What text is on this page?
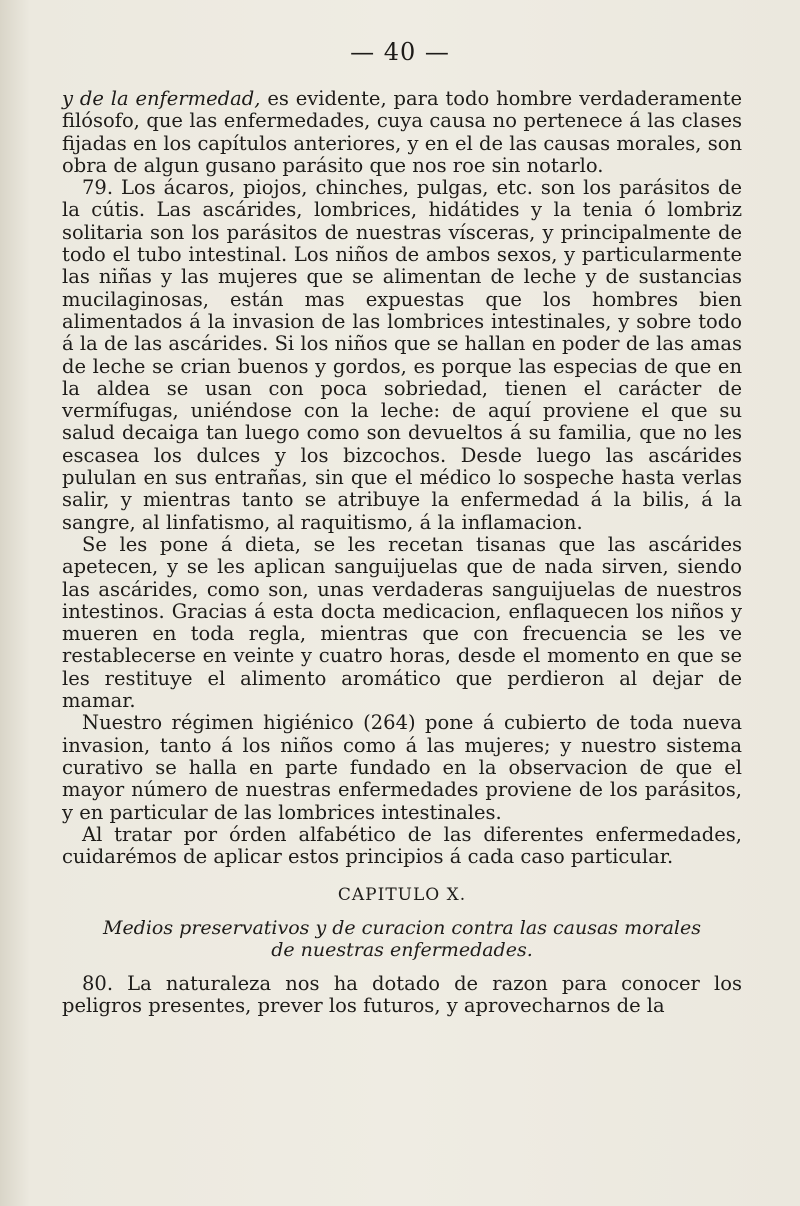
— 40 —

y de la enfermedad, es evidente, para todo hombre verdaderamente filósofo, que las enfermedades, cuya causa no pertenece á las clases fijadas en los capítulos anteriores, y en el de las causas morales, son obra de algun gusano parásito que nos roe sin notarlo.

79. Los ácaros, piojos, chinches, pulgas, etc. son los parásitos de la cútis. Las ascárides, lombrices, hidátides y la tenia ó lombriz solitaria son los parásitos de nuestras vísceras, y principalmente de todo el tubo intestinal. Los niños de ambos sexos, y particularmente las niñas y las mujeres que se alimentan de leche y de sustancias mucilaginosas, están mas expuestas que los hombres bien alimentados á la invasion de las lombrices intestinales, y sobre todo á la de las ascárides. Si los niños que se hallan en poder de las amas de leche se crian buenos y gordos, es porque las especias de que en la aldea se usan con poca sobriedad, tienen el carácter de vermífugas, uniéndose con la leche: de aquí proviene el que su salud decaiga tan luego como son devueltos á su familia, que no les escasea los dulces y los bizcochos. Desde luego las ascárides pululan en sus entrañas, sin que el médico lo sospeche hasta verlas salir, y mientras tanto se atribuye la enfermedad á la bilis, á la sangre, al linfatismo, al raquitismo, á la inflamacion.

Se les pone á dieta, se les recetan tisanas que las ascárides apetecen, y se les aplican sanguijuelas que de nada sirven, siendo las ascárides, como son, unas verdaderas sanguijuelas de nuestros intestinos. Gracias á esta docta medicacion, enflaquecen los niños y mueren en toda regla, mientras que con frecuencia se les ve restablecerse en veinte y cuatro horas, desde el momento en que se les restituye el alimento aromático que perdieron al dejar de mamar.

Nuestro régimen higiénico (264) pone á cubierto de toda nueva invasion, tanto á los niños como á las mujeres; y nuestro sistema curativo se halla en parte fundado en la observacion de que el mayor número de nuestras enfermedades proviene de los parásitos, y en particular de las lombrices intestinales.

Al tratar por órden alfabético de las diferentes enfermedades, cuidarémos de aplicar estos principios á cada caso particular.

CAPITULO X.
Medios preservativos y de curacion contra las causas morales de nuestras enfermedades.

80. La naturaleza nos ha dotado de razon para conocer los peligros presentes, prever los futuros, y aprovecharnos de la
